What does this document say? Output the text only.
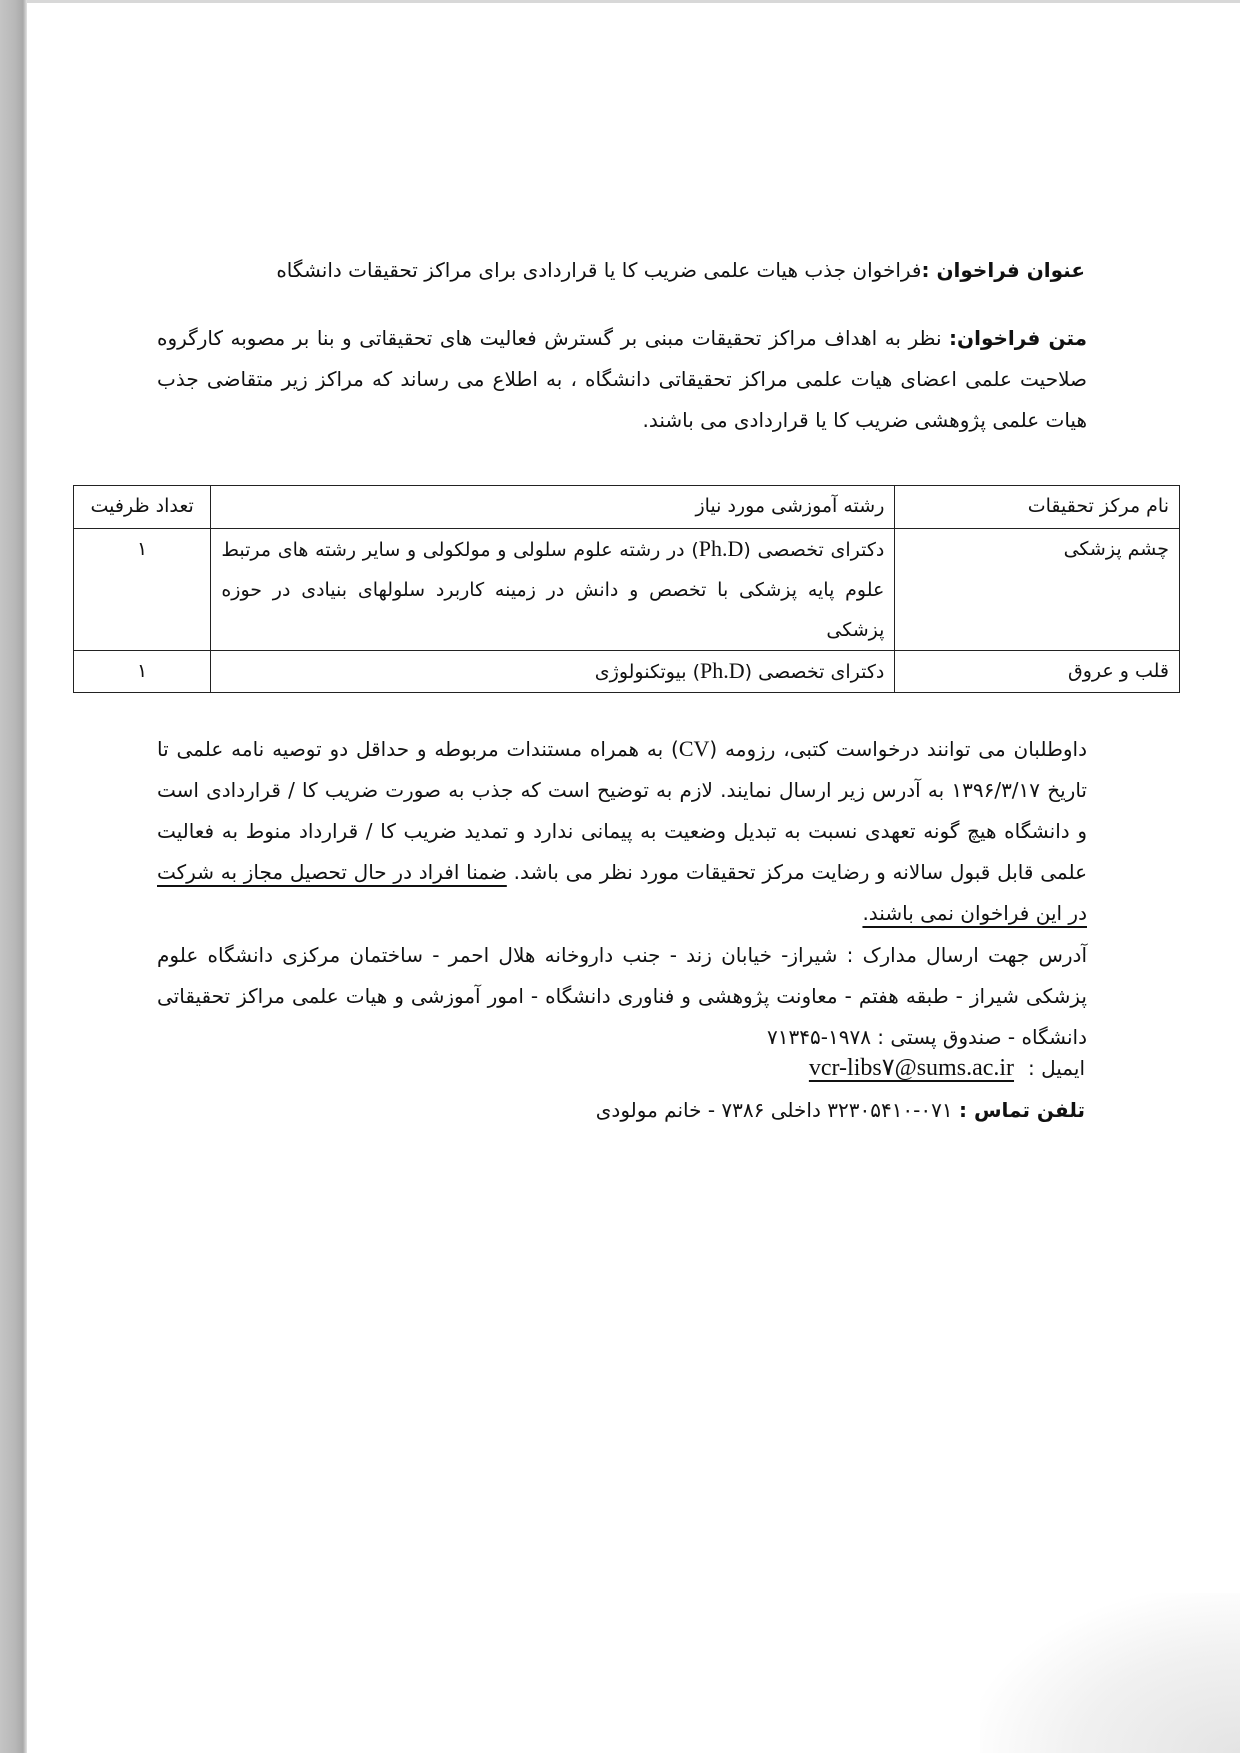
عنوان فراخوان :فراخوان جذب هیات علمی ضریب کا یا قراردادی برای مراکز تحقیقات دانشگاه
متن فراخوان: نظر به اهداف مراکز تحقیقات مبنی بر گسترش فعالیت های تحقیقاتی و بنا بر مصوبه کارگروه صلاحیت علمی اعضای هیات علمی مراکز تحقیقاتی دانشگاه ، به اطلاع می رساند که مراکز زیر متقاضی جذب هیات علمی پژوهشی ضریب کا یا قراردادی می باشند.
نام مرکز تحقیقات	رشته آموزشی مورد نیاز	تعداد ظرفیت
چشم پزشکی	دکترای تخصصی (Ph.D) در رشته علوم سلولی و مولکولی و سایر رشته های مرتبط علوم پایه پزشکی با تخصص و دانش در زمینه کاربرد سلولهای بنیادی در حوزه پزشکی	۱
قلب و عروق	دکترای تخصصی (Ph.D) بیوتکنولوژی	۱
داوطلبان می توانند درخواست کتبی، رزومه (CV) به همراه مستندات مربوطه و حداقل دو توصیه نامه علمی تا تاریخ ۱۳۹۶/۳/۱۷ به آدرس زیر ارسال نمایند. لازم به توضیح است که جذب به صورت ضریب کا / قراردادی است و دانشگاه هیچ گونه تعهدی نسبت به تبدیل وضعیت به پیمانی ندارد و تمدید ضریب کا / قرارداد منوط به فعالیت علمی قابل قبول سالانه و رضایت مرکز تحقیقات مورد نظر می باشد. ضمنا افراد در حال تحصیل مجاز به شرکت در این فراخوان نمی باشند.
آدرس جهت ارسال مدارک : شیراز- خیابان زند - جنب داروخانه هلال احمر - ساختمان مرکزی دانشگاه علوم پزشکی شیراز - طبقه هفتم - معاونت پژوهشی و فناوری دانشگاه - امور آموزشی و هیات علمی مراکز تحقیقاتی دانشگاه - صندوق پستی : ۱۹۷۸-۷۱۳۴۵
ایمیل :vcr-libs۷@sums.ac.ir
تلفن تماس : ۰۷۱-۳۲۳۰۵۴۱۰ داخلی ۷۳۸۶ - خانم مولودی
